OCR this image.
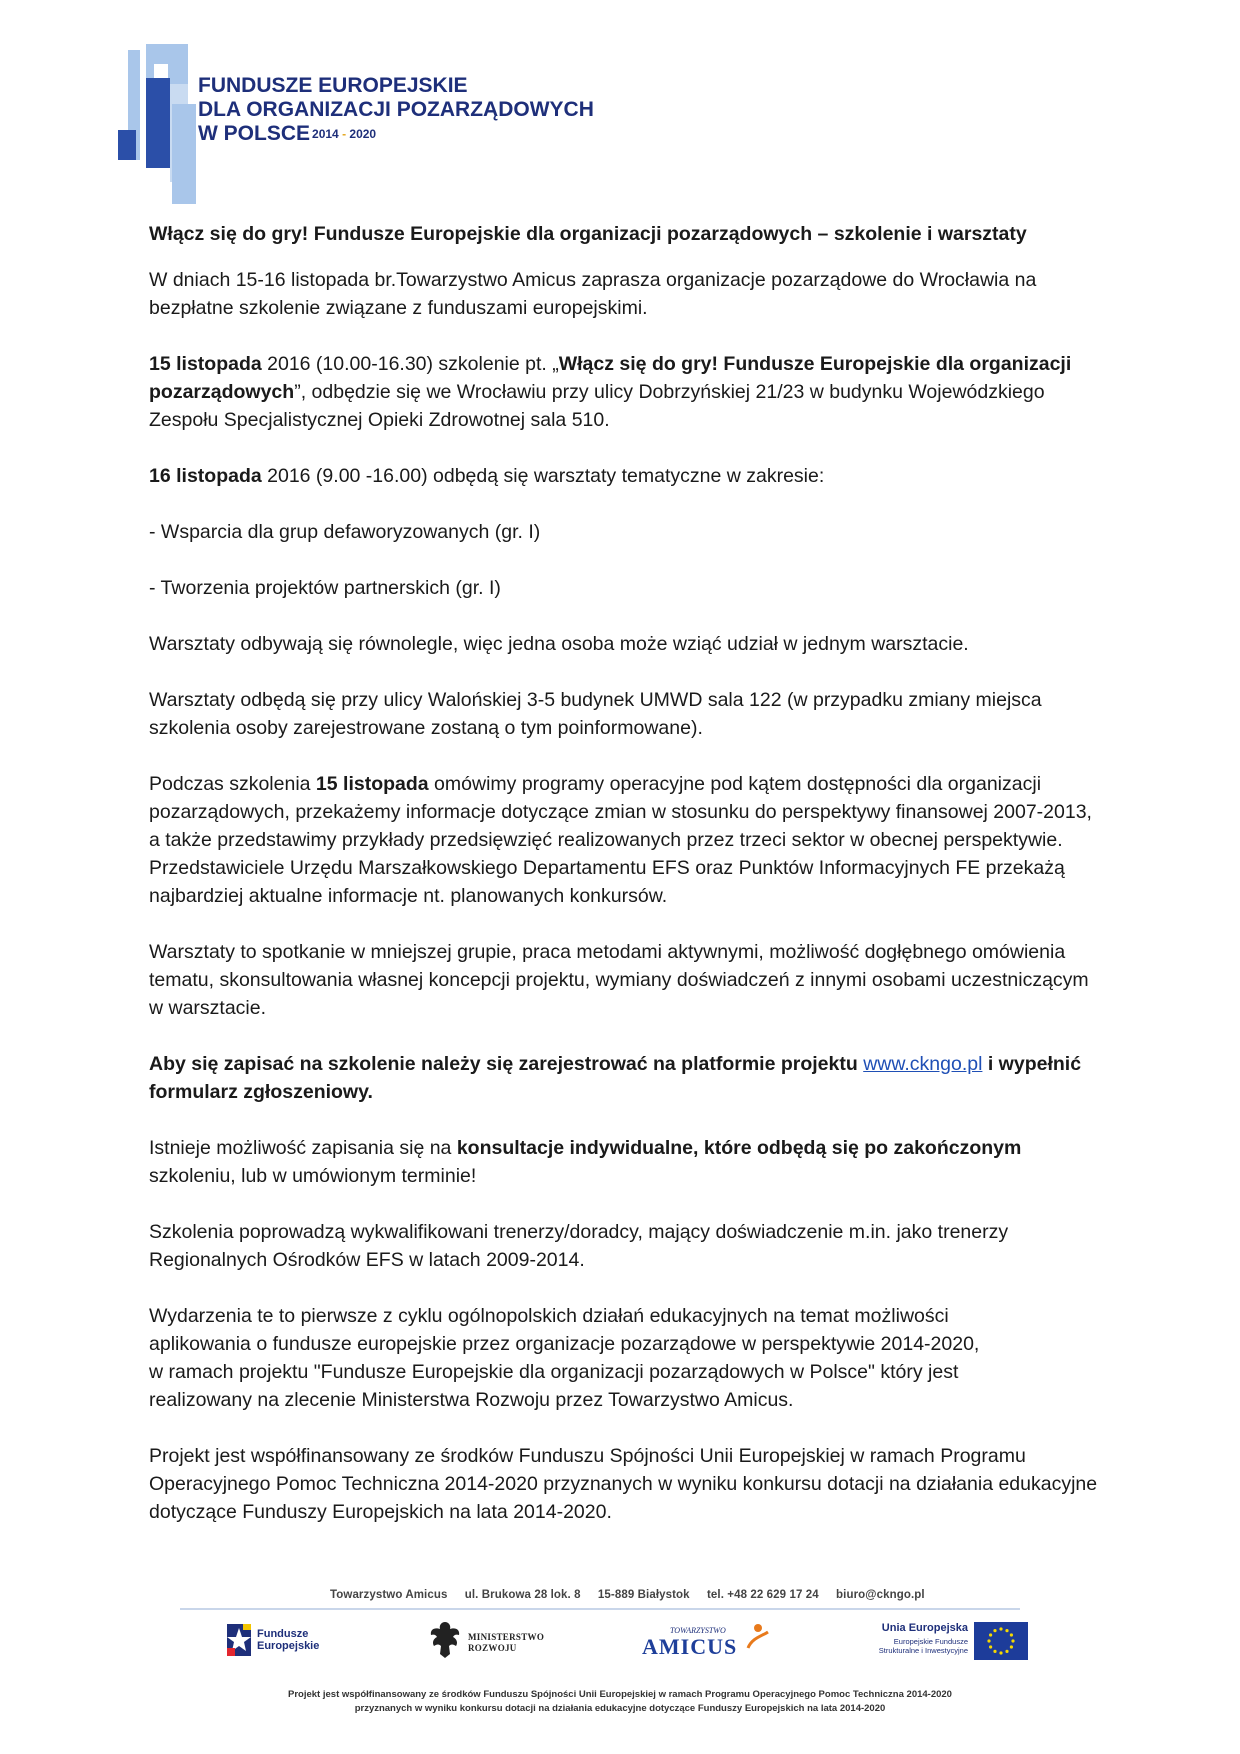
FUNDUSZE EUROPEJSKIE
DLA ORGANIZACJI POZARZĄDOWYCH
W POLSCE 2014 - 2020

Włącz się do gry! Fundusze Europejskie dla organizacji pozarządowych – szkolenie i warsztaty

W dniach 15-16 listopada br.Towarzystwo Amicus zaprasza organizacje pozarządowe do Wrocławia na bezpłatne szkolenie związane z funduszami europejskimi.

15 listopada 2016 (10.00-16.30) szkolenie pt. „Włącz się do gry! Fundusze Europejskie dla organizacji pozarządowych”, odbędzie się we Wrocławiu przy ulicy Dobrzyńskiej 21/23 w budynku Wojewódzkiego Zespołu Specjalistycznej Opieki Zdrowotnej sala 510.

16 listopada 2016 (9.00 -16.00) odbędą się warsztaty tematyczne w zakresie:

- Wsparcia dla grup defaworyzowanych (gr. I)

- Tworzenia projektów partnerskich (gr. I)

Warsztaty odbywają się równolegle, więc jedna osoba może wziąć udział w jednym warsztacie.

Warsztaty odbędą się przy ulicy Walońskiej 3-5 budynek UMWD sala 122 (w przypadku zmiany miejsca szkolenia osoby zarejestrowane zostaną o tym poinformowane).

Podczas szkolenia 15 listopada omówimy programy operacyjne pod kątem dostępności dla organizacji pozarządowych, przekażemy informacje dotyczące zmian w stosunku do perspektywy finansowej 2007-2013, a także przedstawimy przykłady przedsięwzięć realizowanych przez trzeci sektor w obecnej perspektywie. Przedstawiciele Urzędu Marszałkowskiego Departamentu EFS oraz Punktów Informacyjnych FE przekażą najbardziej aktualne informacje nt. planowanych konkursów.

Warsztaty to spotkanie w mniejszej grupie, praca metodami aktywnymi, możliwość dogłębnego omówienia tematu, skonsultowania własnej koncepcji projektu, wymiany doświadczeń z innymi osobami uczestniczącym w warsztacie.

Aby się zapisać na szkolenie należy się zarejestrować na platformie projektu www.ckngo.pl i wypełnić formularz zgłoszeniowy.

Istnieje możliwość zapisania się na konsultacje indywidualne, które odbędą się po zakończonym szkoleniu, lub w umówionym terminie!

Szkolenia poprowadzą wykwalifikowani trenerzy/doradcy, mający doświadczenie m.in. jako trenerzy Regionalnych Ośrodków EFS w latach 2009-2014.

Wydarzenia te to pierwsze z cyklu ogólnopolskich działań edukacyjnych na temat możliwości
aplikowania o fundusze europejskie przez organizacje pozarządowe w perspektywie 2014-2020,
w ramach projektu "Fundusze Europejskie dla organizacji pozarządowych w Polsce" który jest
realizowany na zlecenie Ministerstwa Rozwoju przez Towarzystwo Amicus.

Projekt jest współfinansowany ze środków Funduszu Spójności Unii Europejskiej w ramach Programu Operacyjnego Pomoc Techniczna 2014-2020 przyznanych w wyniku konkursu dotacji na działania edukacyjne dotyczące Funduszy Europejskich na lata 2014-2020.

Towarzystwo Amicus ul. Brukowa 28 lok. 8 15-889 Białystok tel. +48 22 629 17 24 biuro@ckngo.pl
Fundusze
Europejskie
MINISTERSTWO
ROZWOJU
TOWARZYSTWO
AMICUS
Unia Europejska
Europejskie Fundusze
Strukturalne i Inwestycyjne
Projekt jest współfinansowany ze środków Funduszu Spójności Unii Europejskiej w ramach Programu Operacyjnego Pomoc Techniczna 2014-2020
przyznanych w wyniku konkursu dotacji na działania edukacyjne dotyczące Funduszy Europejskich na lata 2014-2020
